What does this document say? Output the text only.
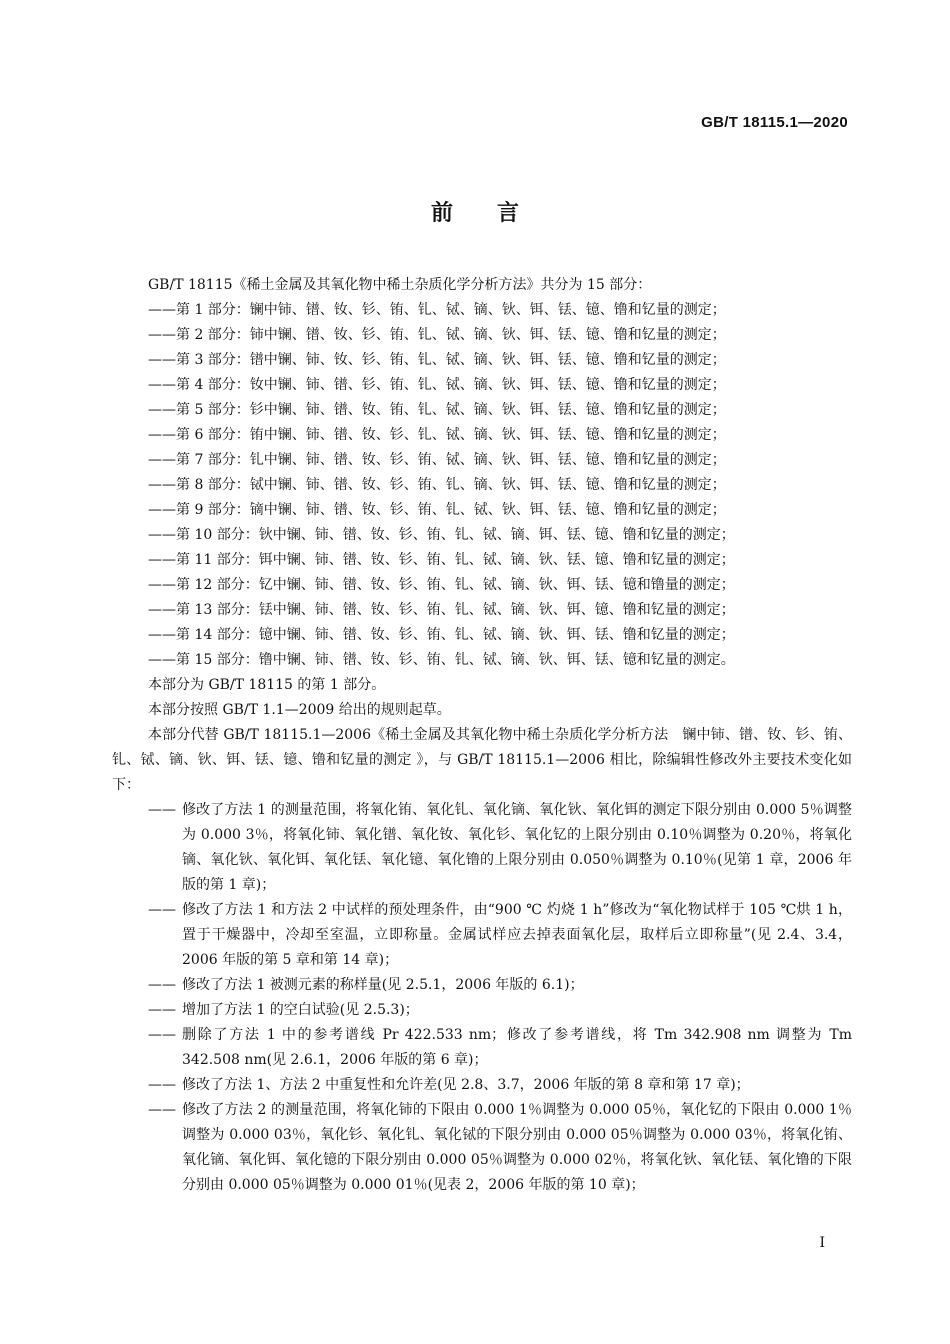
GB/T 18115.1—2020
前言
GB/T 18115《稀土金属及其氧化物中稀土杂质化学分析方法》共分为 15 部分：
——第 1 部分：镧中铈、镨、钕、钐、铕、钆、铽、镝、钬、铒、铥、镱、镥和钇量的测定；
——第 2 部分：铈中镧、镨、钕、钐、铕、钆、铽、镝、钬、铒、铥、镱、镥和钇量的测定；
——第 3 部分：镨中镧、铈、钕、钐、铕、钆、铽、镝、钬、铒、铥、镱、镥和钇量的测定；
——第 4 部分：钕中镧、铈、镨、钐、铕、钆、铽、镝、钬、铒、铥、镱、镥和钇量的测定；
——第 5 部分：钐中镧、铈、镨、钕、铕、钆、铽、镝、钬、铒、铥、镱、镥和钇量的测定；
——第 6 部分：铕中镧、铈、镨、钕、钐、钆、铽、镝、钬、铒、铥、镱、镥和钇量的测定；
——第 7 部分：钆中镧、铈、镨、钕、钐、铕、铽、镝、钬、铒、铥、镱、镥和钇量的测定；
——第 8 部分：铽中镧、铈、镨、钕、钐、铕、钆、镝、钬、铒、铥、镱、镥和钇量的测定；
——第 9 部分：镝中镧、铈、镨、钕、钐、铕、钆、铽、钬、铒、铥、镱、镥和钇量的测定；
——第 10 部分：钬中镧、铈、镨、钕、钐、铕、钆、铽、镝、铒、铥、镱、镥和钇量的测定；
——第 11 部分：铒中镧、铈、镨、钕、钐、铕、钆、铽、镝、钬、铥、镱、镥和钇量的测定；
——第 12 部分：钇中镧、铈、镨、钕、钐、铕、钆、铽、镝、钬、铒、铥、镱和镥量的测定；
——第 13 部分：铥中镧、铈、镨、钕、钐、铕、钆、铽、镝、钬、铒、镱、镥和钇量的测定；
——第 14 部分：镱中镧、铈、镨、钕、钐、铕、钆、铽、镝、钬、铒、铥、镥和钇量的测定；
——第 15 部分：镥中镧、铈、镨、钕、钐、铕、钆、铽、镝、钬、铒、铥、镱和钇量的测定。
本部分为 GB/T 18115 的第 1 部分。
本部分按照 GB/T 1.1—2009 给出的规则起草。
本部分代替 GB/T 18115.1—2006《稀土金属及其氧化物中稀土杂质化学分析方法　镧中铈、镨、钕、钐、铕、钆、铽、镝、钬、铒、铥、镱、镥和钇量的测定 》，与 GB/T 18115.1—2006 相比，除编辑性修改外主要技术变化如下：
—— 修改了方法 1 的测量范围，将氧化铕、氧化钆、氧化镝、氧化钬、氧化铒的测定下限分别由 0.000 5％调整为 0.000 3％，将氧化铈、氧化镨、氧化钕、氧化钐、氧化钇的上限分别由 0.10％调整为 0.20％，将氧化镝、氧化钬、氧化铒、氧化铥、氧化镱、氧化镥的上限分别由 0.050％调整为 0.10％(见第 1 章，2006 年版的第 1 章)；
—— 修改了方法 1 和方法 2 中试样的预处理条件，由“900 ℃ 灼烧 1 h”修改为“氧化物试样于 105 ℃烘 1 h，置于干燥器中，冷却至室温，立即称量。金属试样应去掉表面氧化层，取样后立即称量”(见 2.4、3.4，2006 年版的第 5 章和第 14 章)；
—— 修改了方法 1 被测元素的称样量(见 2.5.1，2006 年版的 6.1)；
—— 增加了方法 1 的空白试验(见 2.5.3)；
—— 删除了方法 1 中的参考谱线 Pr 422.533 nm；修改了参考谱线，将 Tm 342.908 nm 调整为 Tm 342.508 nm(见 2.6.1，2006 年版的第 6 章)；
—— 修改了方法 1、方法 2 中重复性和允许差(见 2.8、3.7，2006 年版的第 8 章和第 17 章)；
—— 修改了方法 2 的测量范围，将氧化铈的下限由 0.000 1％调整为 0.000 05％，氧化钇的下限由 0.000 1％调整为 0.000 03％，氧化钐、氧化钆、氧化铽的下限分别由 0.000 05％调整为 0.000 03％，将氧化铕、氧化镝、氧化铒、氧化镱的下限分别由 0.000 05％调整为 0.000 02％，将氧化钬、氧化铥、氧化镥的下限分别由 0.000 05％调整为 0.000 01％(见表 2，2006 年版的第 10 章)；
Ⅰ
